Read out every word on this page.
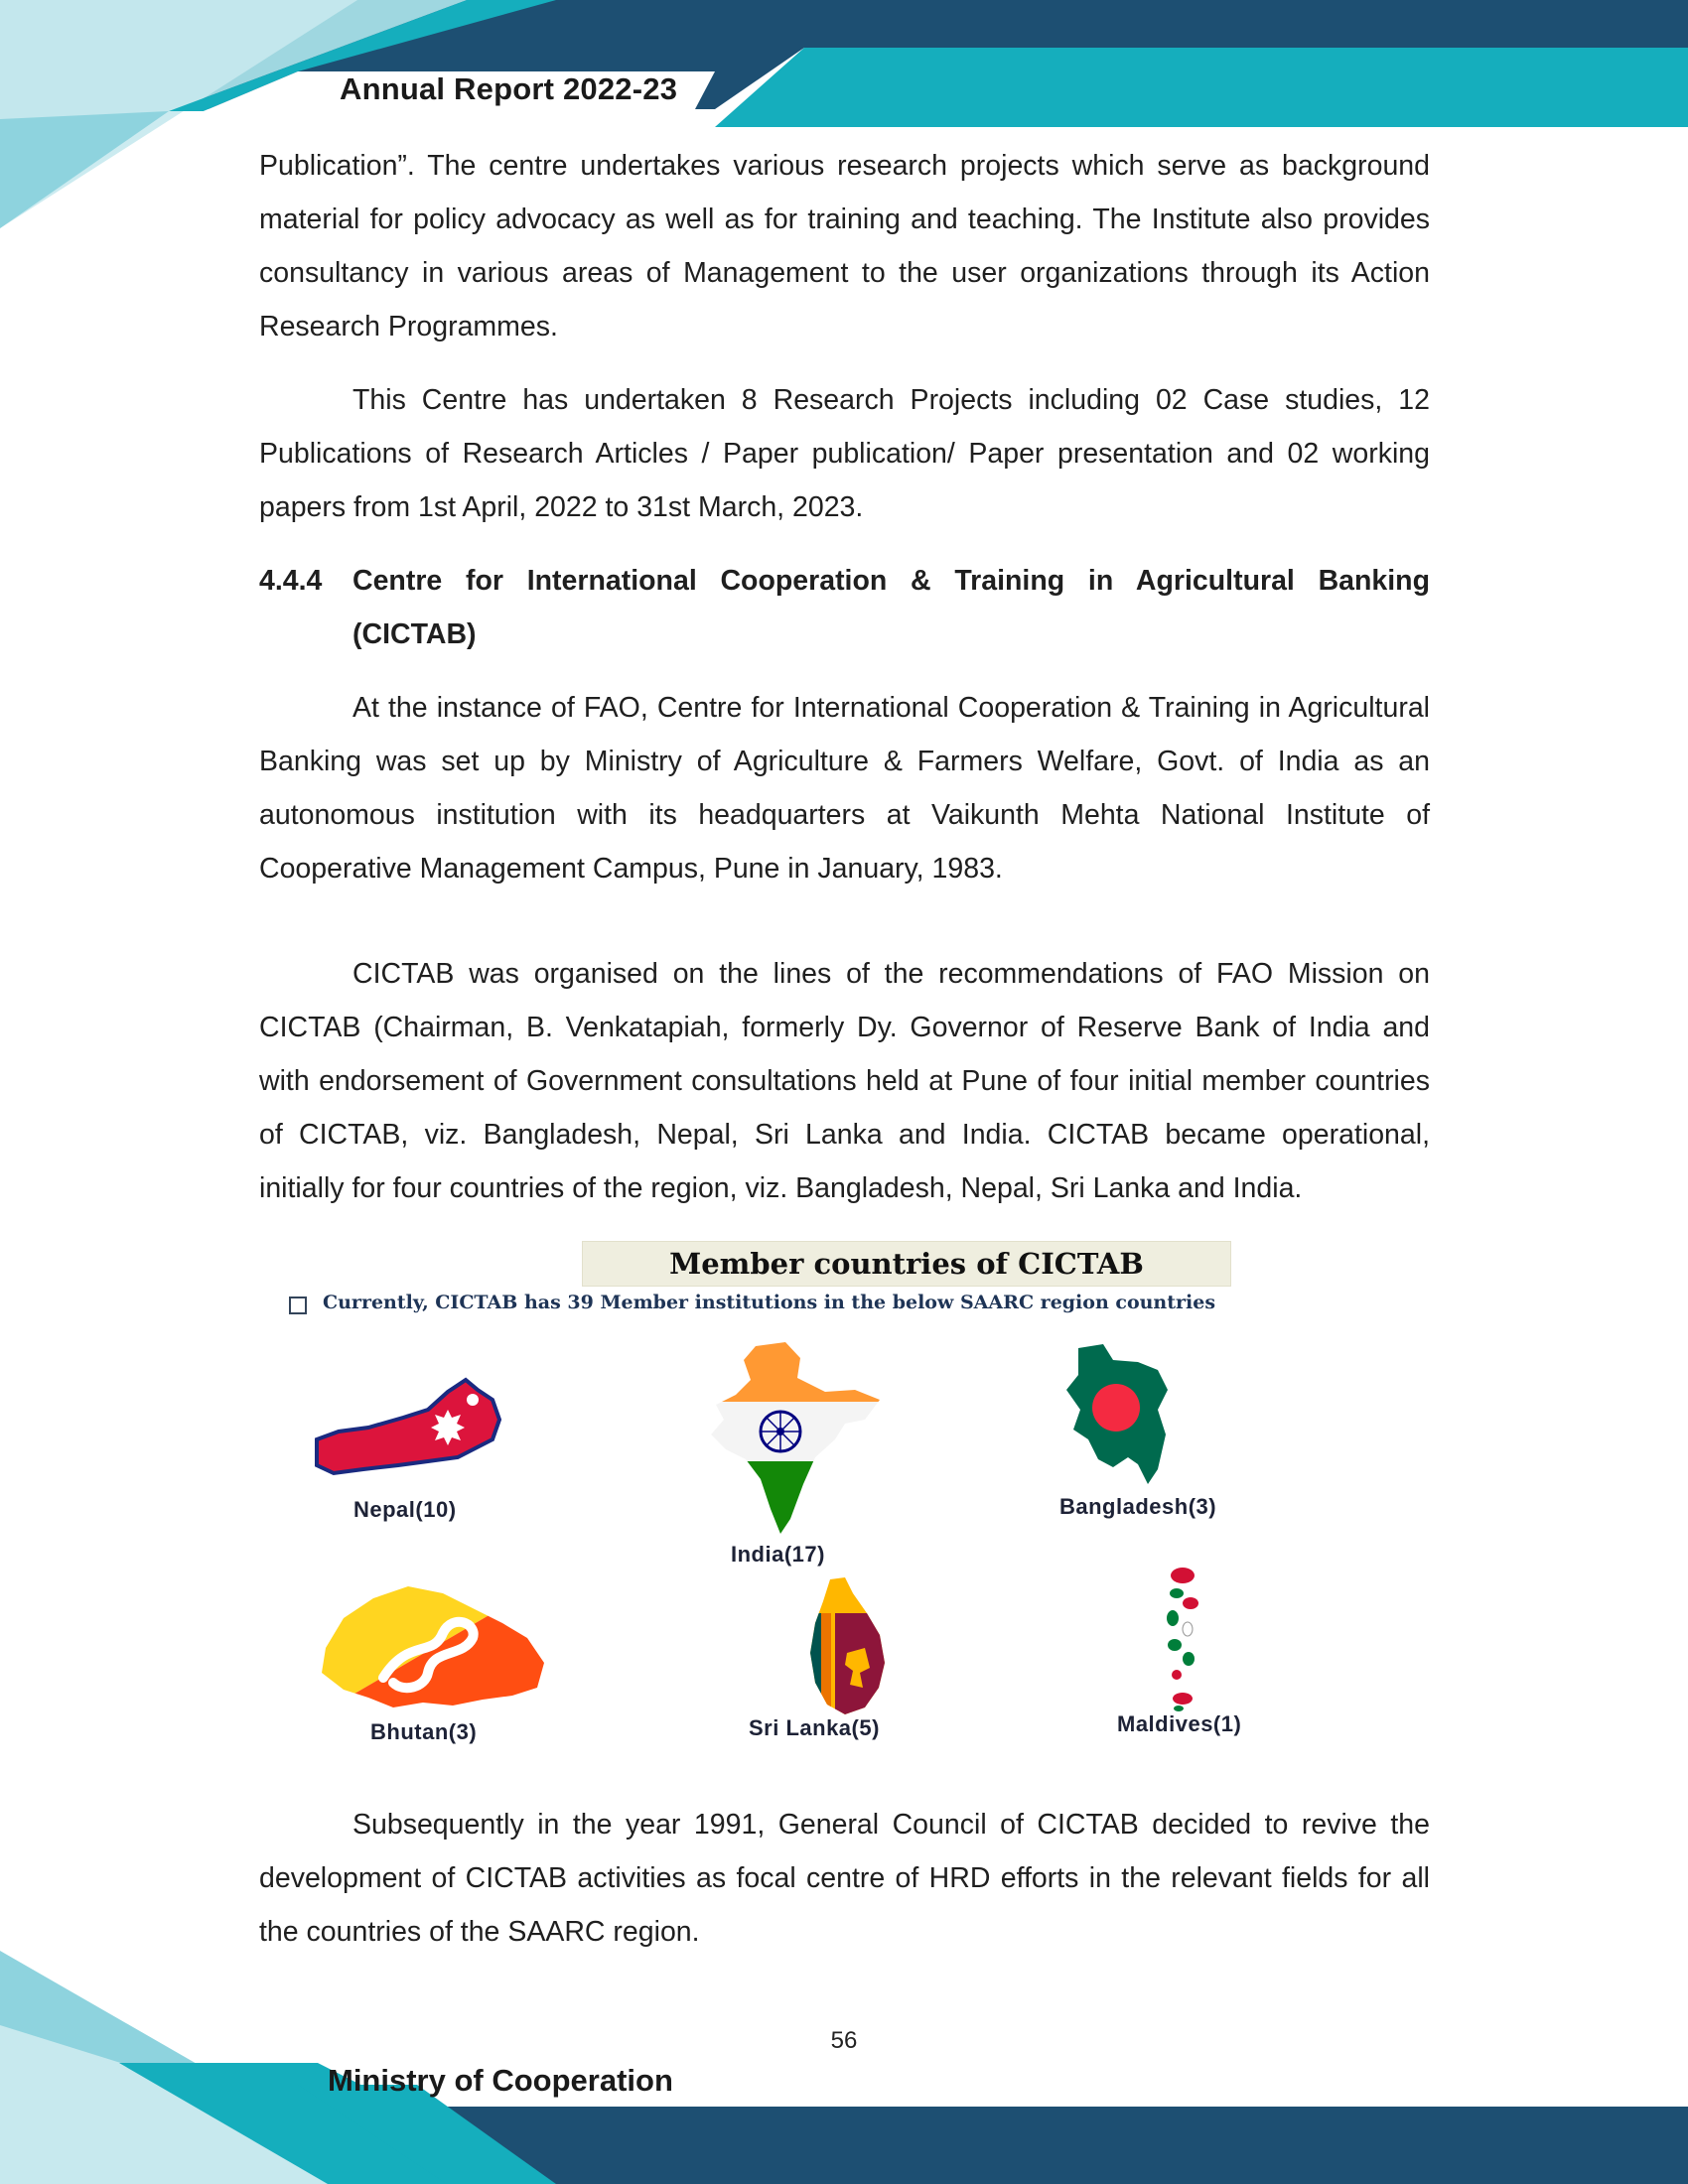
Annual Report 2022-23

Publication”. The centre undertakes various research projects which serve as background material for policy advocacy as well as for training and teaching. The Institute also provides consultancy in various areas of Management to the user organizations through its Action Research Programmes.

This Centre has undertaken 8 Research Projects including 02 Case studies, 12 Publications of Research Articles / Paper publication/ Paper presentation and 02 working papers from 1st April, 2022 to 31st March, 2023.

4.4.4	Centre for International Cooperation & Training in Agricultural Banking (CICTAB)

At the instance of FAO, Centre for International Cooperation & Training in Agricultural Banking was set up by Ministry of Agriculture & Farmers Welfare, Govt. of India as an autonomous institution with its headquarters at Vaikunth Mehta National Institute of Cooperative Management Campus, Pune in January, 1983.

CICTAB was organised on the lines of the recommendations of FAO Mission on CICTAB (Chairman, B. Venkatapiah, formerly Dy. Governor of Reserve Bank of India and with endorsement of Government consultations held at Pune of four initial member countries of CICTAB, viz. Bangladesh, Nepal, Sri Lanka and India. CICTAB became operational, initially for four countries of the region, viz. Bangladesh, Nepal, Sri Lanka and India.

Member countries of CICTAB
Currently, CICTAB has 39 Member institutions in the below SAARC region countries
Nepal(10)
India(17)
Bangladesh(3)
Bhutan(3)	Sri Lanka(5)	Maldives(1)

Subsequently in the year 1991, General Council of CICTAB decided to revive the development of CICTAB activities as focal centre of HRD efforts in the relevant fields for all the countries of the SAARC region.

56
Ministry of Cooperation
